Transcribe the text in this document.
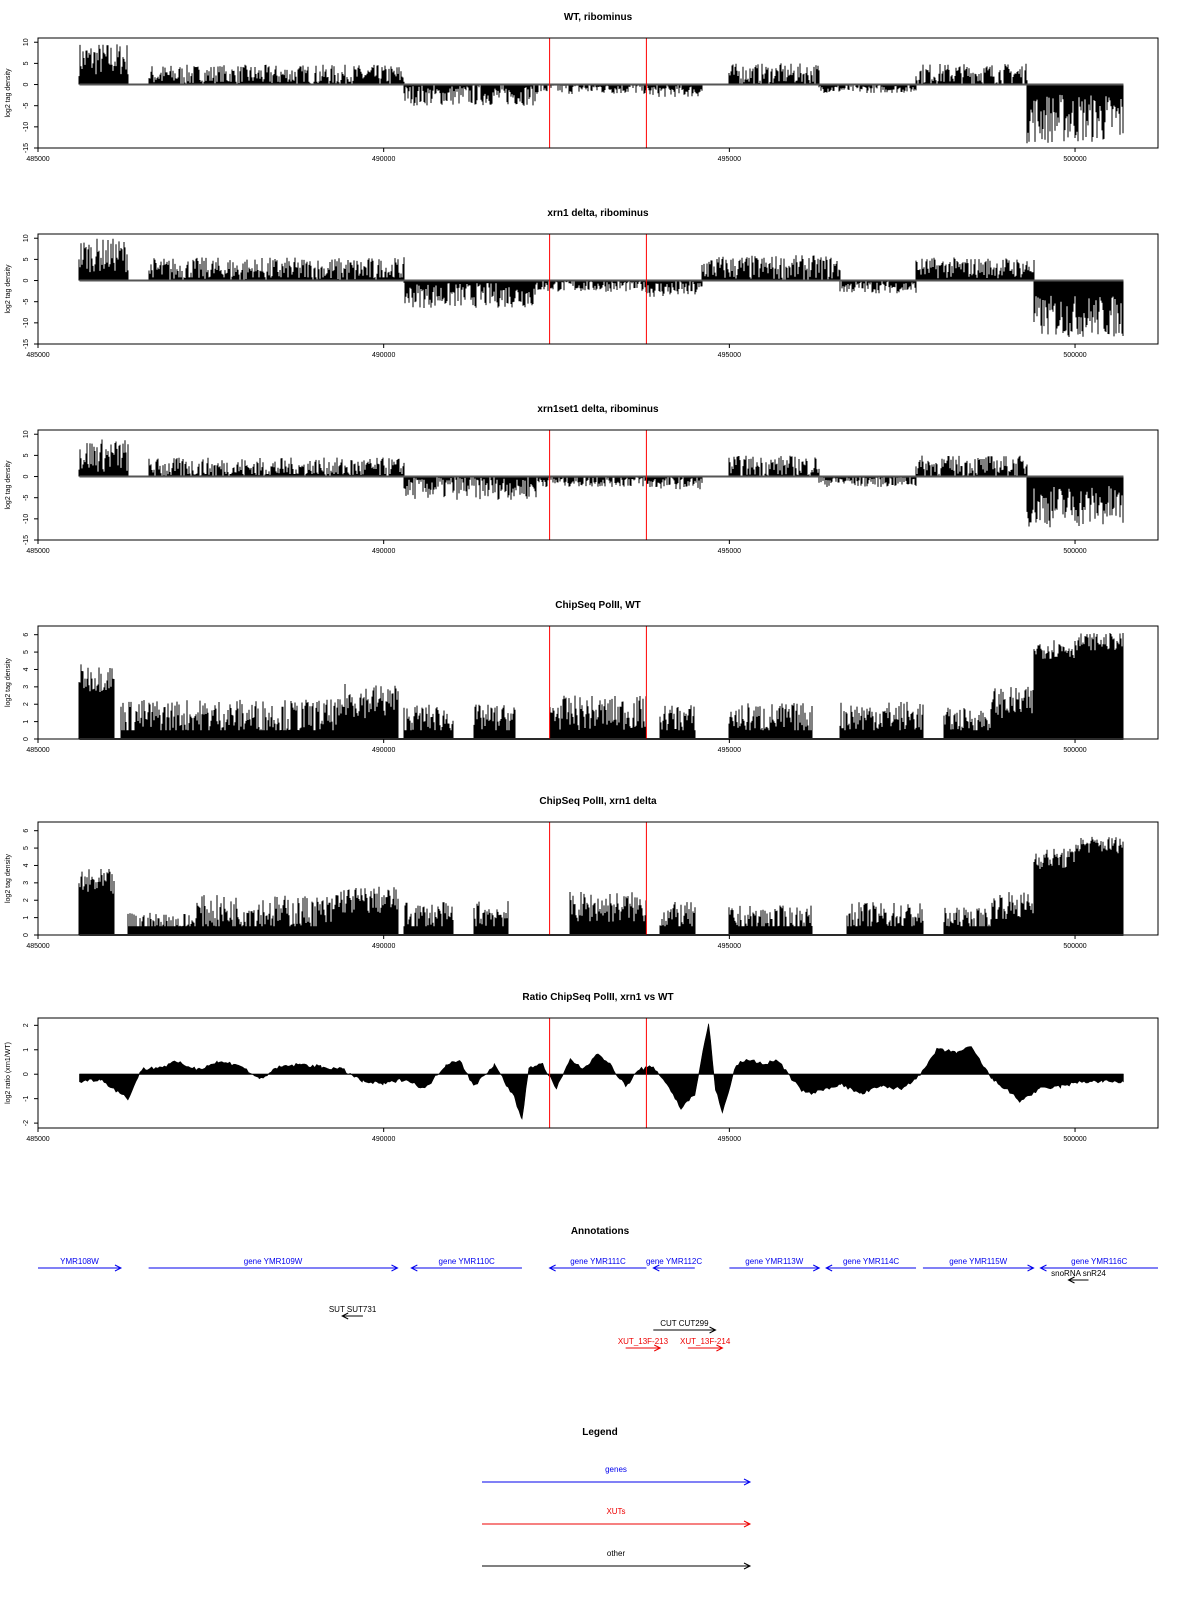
WT, ribominus
log2 tag density
-15
-10
-5
0
5
10
485000	490000	495000	500000
xrn1 delta, ribominus
log2 tag density
-15
-10
-5
0
5
10
485000	490000	495000	500000
xrn1set1 delta, ribominus
log2 tag density
-15
-10
-5
0
5
10
485000	490000	495000	500000
ChipSeq PolII, WT
log2 tag density
0
1
2
3
4
5
6
485000	490000	495000	500000
ChipSeq PolII, xrn1 delta
log2 tag density
0
1
2
3
4
5
6
485000	490000	495000	500000
Ratio ChipSeq PolII, xrn1 vs WT
log2 ratio (xrn1/WT)
-2
-1
0
1
2
485000	490000	495000	500000
Annotations
YMR108W	gene YMR109W	gene YMR110C	gene YMR111C	gene YMR112C	gene YMR113W	gene YMR114C	gene YMR115W	gene YMR116C
snoRNA snR24
SUT SUT731
CUT CUT299
XUT_13F-213 XUT_13F-214
Legend
genes
XUTs
other
